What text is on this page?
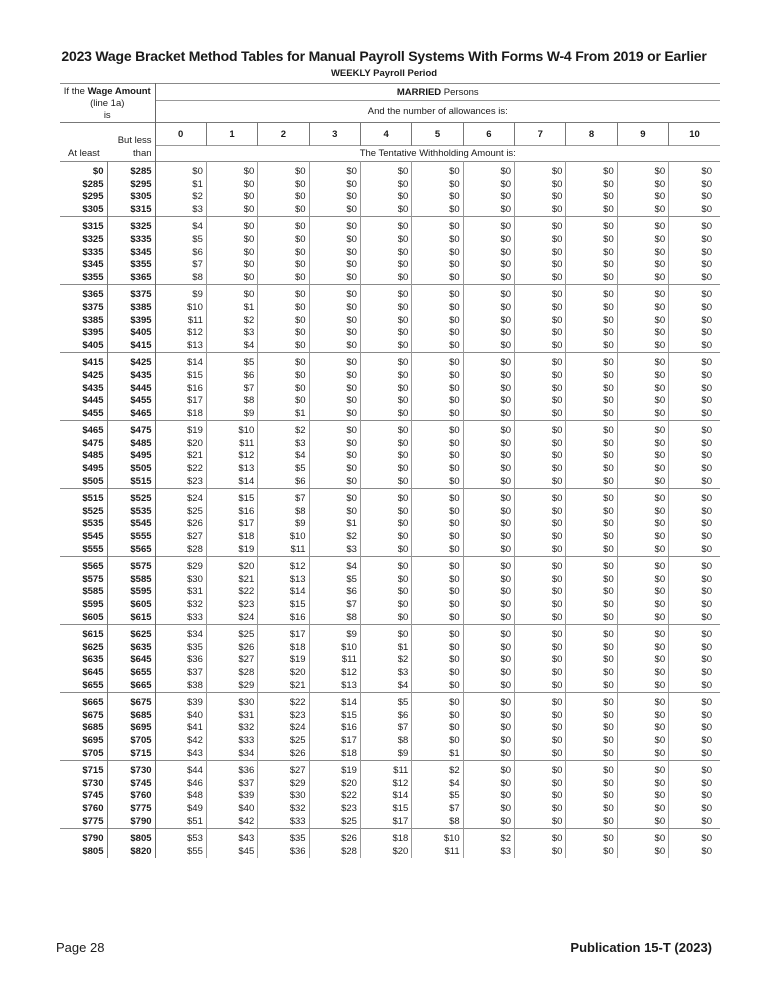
2023 Wage Bracket Method Tables for Manual Payroll Systems With Forms W-4 From 2019 or Earlier
WEEKLY Payroll Period
If the Wage Amount
(line 1a)
is		MARRIED Persons										
		And the number of allowances is:										
	But less	0	1	2	3	4	5	6	7	8	9	10
At least	than	The Tentative Withholding Amount is:										
$0	$285	$0	$0	$0	$0	$0	$0	$0	$0	$0	$0	$0
$285	$295	$1	$0	$0	$0	$0	$0	$0	$0	$0	$0	$0
$295	$305	$2	$0	$0	$0	$0	$0	$0	$0	$0	$0	$0
$305	$315	$3	$0	$0	$0	$0	$0	$0	$0	$0	$0	$0
$315	$325	$4	$0	$0	$0	$0	$0	$0	$0	$0	$0	$0
$325	$335	$5	$0	$0	$0	$0	$0	$0	$0	$0	$0	$0
$335	$345	$6	$0	$0	$0	$0	$0	$0	$0	$0	$0	$0
$345	$355	$7	$0	$0	$0	$0	$0	$0	$0	$0	$0	$0
$355	$365	$8	$0	$0	$0	$0	$0	$0	$0	$0	$0	$0
$365	$375	$9	$0	$0	$0	$0	$0	$0	$0	$0	$0	$0
$375	$385	$10	$1	$0	$0	$0	$0	$0	$0	$0	$0	$0
$385	$395	$11	$2	$0	$0	$0	$0	$0	$0	$0	$0	$0
$395	$405	$12	$3	$0	$0	$0	$0	$0	$0	$0	$0	$0
$405	$415	$13	$4	$0	$0	$0	$0	$0	$0	$0	$0	$0
$415	$425	$14	$5	$0	$0	$0	$0	$0	$0	$0	$0	$0
$425	$435	$15	$6	$0	$0	$0	$0	$0	$0	$0	$0	$0
$435	$445	$16	$7	$0	$0	$0	$0	$0	$0	$0	$0	$0
$445	$455	$17	$8	$0	$0	$0	$0	$0	$0	$0	$0	$0
$455	$465	$18	$9	$1	$0	$0	$0	$0	$0	$0	$0	$0
$465	$475	$19	$10	$2	$0	$0	$0	$0	$0	$0	$0	$0
$475	$485	$20	$11	$3	$0	$0	$0	$0	$0	$0	$0	$0
$485	$495	$21	$12	$4	$0	$0	$0	$0	$0	$0	$0	$0
$495	$505	$22	$13	$5	$0	$0	$0	$0	$0	$0	$0	$0
$505	$515	$23	$14	$6	$0	$0	$0	$0	$0	$0	$0	$0
$515	$525	$24	$15	$7	$0	$0	$0	$0	$0	$0	$0	$0
$525	$535	$25	$16	$8	$0	$0	$0	$0	$0	$0	$0	$0
$535	$545	$26	$17	$9	$1	$0	$0	$0	$0	$0	$0	$0
$545	$555	$27	$18	$10	$2	$0	$0	$0	$0	$0	$0	$0
$555	$565	$28	$19	$11	$3	$0	$0	$0	$0	$0	$0	$0
$565	$575	$29	$20	$12	$4	$0	$0	$0	$0	$0	$0	$0
$575	$585	$30	$21	$13	$5	$0	$0	$0	$0	$0	$0	$0
$585	$595	$31	$22	$14	$6	$0	$0	$0	$0	$0	$0	$0
$595	$605	$32	$23	$15	$7	$0	$0	$0	$0	$0	$0	$0
$605	$615	$33	$24	$16	$8	$0	$0	$0	$0	$0	$0	$0
$615	$625	$34	$25	$17	$9	$0	$0	$0	$0	$0	$0	$0
$625	$635	$35	$26	$18	$10	$1	$0	$0	$0	$0	$0	$0
$635	$645	$36	$27	$19	$11	$2	$0	$0	$0	$0	$0	$0
$645	$655	$37	$28	$20	$12	$3	$0	$0	$0	$0	$0	$0
$655	$665	$38	$29	$21	$13	$4	$0	$0	$0	$0	$0	$0
$665	$675	$39	$30	$22	$14	$5	$0	$0	$0	$0	$0	$0
$675	$685	$40	$31	$23	$15	$6	$0	$0	$0	$0	$0	$0
$685	$695	$41	$32	$24	$16	$7	$0	$0	$0	$0	$0	$0
$695	$705	$42	$33	$25	$17	$8	$0	$0	$0	$0	$0	$0
$705	$715	$43	$34	$26	$18	$9	$1	$0	$0	$0	$0	$0
$715	$730	$44	$36	$27	$19	$11	$2	$0	$0	$0	$0	$0
$730	$745	$46	$37	$29	$20	$12	$4	$0	$0	$0	$0	$0
$745	$760	$48	$39	$30	$22	$14	$5	$0	$0	$0	$0	$0
$760	$775	$49	$40	$32	$23	$15	$7	$0	$0	$0	$0	$0
$775	$790	$51	$42	$33	$25	$17	$8	$0	$0	$0	$0	$0
$790	$805	$53	$43	$35	$26	$18	$10	$2	$0	$0	$0	$0
$805	$820	$55	$45	$36	$28	$20	$11	$3	$0	$0	$0	$0
Page 28	Publication 15-T (2023)
